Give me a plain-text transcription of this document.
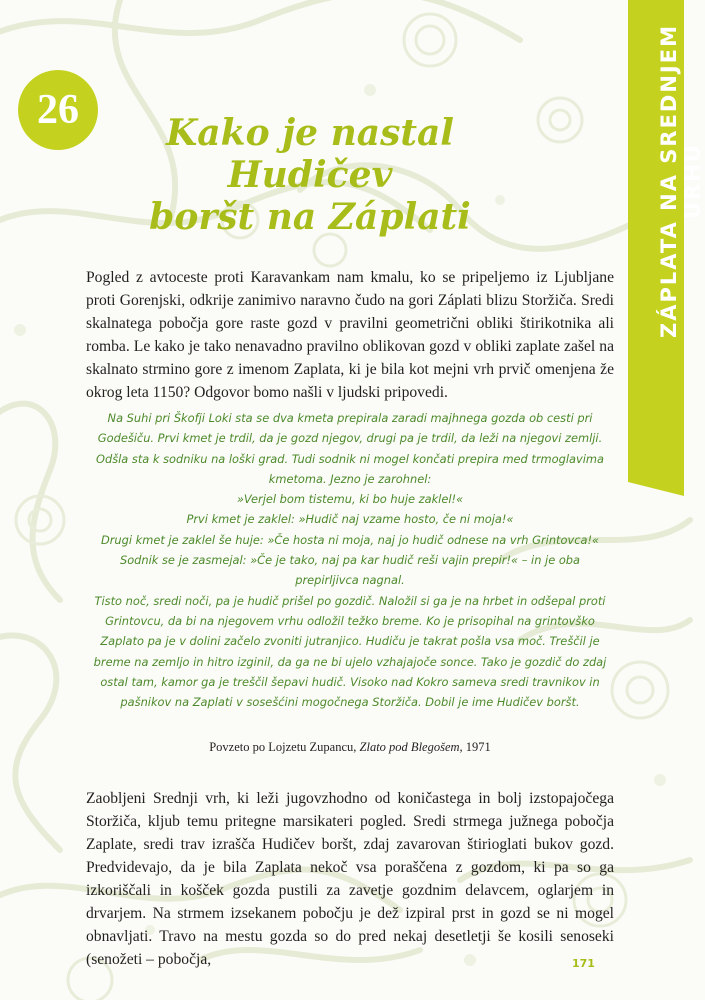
26	Kako je nastal Hudičev
boršt na Záplati	ZÁPLATA NA SREDNJEM URHU

Pogled z avtoceste proti Karavankam nam kmalu, ko se pripeljemo iz Ljubljane proti Gorenjski, odkrije zanimivo naravno čudo na gori Záplati blizu Storžiča. Sredi skalnatega pobočja gore raste gozd v pravilni geometrični obliki štirikotnika ali romba. Le kako je tako nenavadno pravilno oblikovan gozd v obliki zaplate zašel na skalnato strmino gore z imenom Zaplata, ki je bila kot mejni vrh prvič omenjena že okrog leta 1150? Odgovor bomo našli v ljudski pripovedi.

Na Suhi pri Škofji Loki sta se dva kmeta prepirala zaradi majhnega gozda ob cesti pri
Godešiču. Prvi kmet je trdil, da je gozd njegov, drugi pa je trdil, da leži na njegovi zemlji.
Odšla sta k sodniku na loški grad. Tudi sodnik ni mogel končati prepira med trmoglavima
kmetoma. Jezno je zarohnel:
»Verjel bom tistemu, ki bo huje zaklel!«
Prvi kmet je zaklel: »Hudič naj vzame hosto, če ni moja!«
Drugi kmet je zaklel še huje: »Če hosta ni moja, naj jo hudič odnese na vrh Grintovca!«
Sodnik se je zasmejal: »Če je tako, naj pa kar hudič reši vajin prepir!« – in je oba
prepirljivca nagnal.
Tisto noč, sredi noči, pa je hudič prišel po gozdič. Naložil si ga je na hrbet in odšepal proti
Grintovcu, da bi na njegovem vrhu odložil težko breme. Ko je prisopihal na grintovško
Zaplato pa je v dolini začelo zvoniti jutranjico. Hudiču je takrat pošla vsa moč. Treščil je
breme na zemljo in hitro izginil, da ga ne bi ujelo vzhajajoče sonce. Tako je gozdič do zdaj
ostal tam, kamor ga je treščil šepavi hudič. Visoko nad Kokro sameva sredi travnikov in
pašnikov na Zaplati v sosešćini mogočnega Storžiča. Dobil je ime Hudičev boršt.
Povzeto po Lojzetu Zupancu, Zlato pod Blegošem, 1971

Zaobljeni Srednji vrh, ki leži jugovzhodno od koničastega in bolj izstopajočega Storžiča, kljub temu pritegne marsikateri pogled. Sredi strmega južnega pobočja Zaplate, sredi trav izrašča Hudičev boršt, zdaj zavarovan štirioglati bukov gozd. Predvidevajo, da je bila Zaplata nekoč vsa poraščena z gozdom, ki pa so ga izkoriščali in košček gozda pustili za zavetje gozdnim delavcem, oglarjem in drvarjem. Na strmem izsekanem pobočju je dež izpiral prst in gozd se ni mogel obnavljati. Travo na mestu gozda so do pred nekaj desetletji še kosili senoseki (senožeti – pobočja,	171
